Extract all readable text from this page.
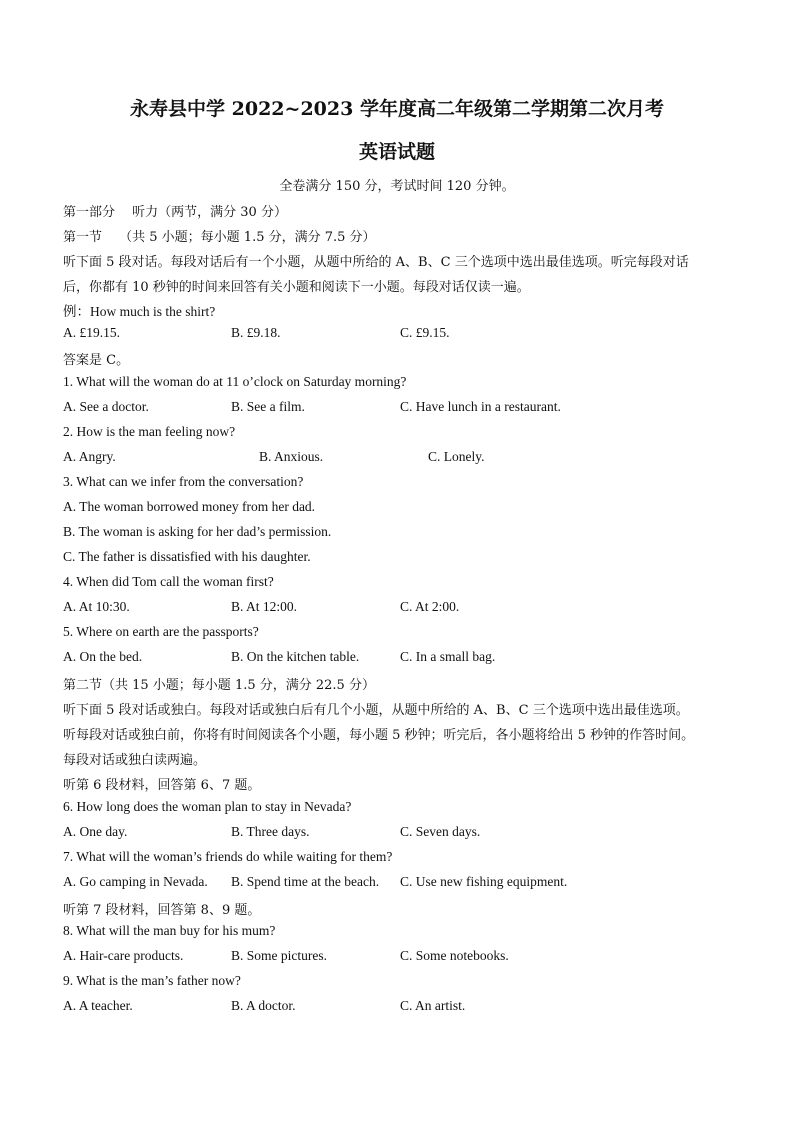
永寿县中学 2022~2023 学年度高二年级第二学期第二次月考
英语试题
全卷满分 150 分，考试时间 120 分钟。
第一部分　 听力（两节，满分 30 分）
第一节　 （共 5 小题；每小题 1.5 分，满分 7.5 分）
听下面 5 段对话。每段对话后有一个小题，从题中所给的 A、B、C 三个选项中选出最佳选项。听完每段对话
后，你都有 10 秒钟的时间来回答有关小题和阅读下一小题。每段对话仅读一遍。
例：How much is the shirt?
A. £19.15.	B. £9.18.	C. £9.15.
答案是 C。
1. What will the woman do at 11 o’clock on Saturday morning?
A. See a doctor.	B. See a film.	C. Have lunch in a restaurant.
2. How is the man feeling now?
A. Angry.	B. Anxious.	C. Lonely.
3. What can we infer from the conversation?
A. The woman borrowed money from her dad.
B. The woman is asking for her dad’s permission.
C. The father is dissatisfied with his daughter.
4. When did Tom call the woman first?
A. At 10:30.	B. At 12:00.	C. At 2:00.
5. Where on earth are the passports?
A. On the bed.	B. On the kitchen table.	C. In a small bag.
第二节（共 15 小题；每小题 1.5 分，满分 22.5 分）
听下面 5 段对话或独白。每段对话或独白后有几个小题，从题中所给的 A、B、C 三个选项中选出最佳选项。
听每段对话或独白前，你将有时间阅读各个小题，每小题 5 秒钟；听完后，各小题将给出 5 秒钟的作答时间。
每段对话或独白读两遍。
听第 6 段材料，回答第 6、7 题。
6. How long does the woman plan to stay in Nevada?
A. One day.	B. Three days.	C. Seven days.
7. What will the woman’s friends do while waiting for them?
A. Go camping in Nevada. B. Spend time at the beach. C. Use new fishing equipment.
听第 7 段材料，回答第 8、9 题。
8. What will the man buy for his mum?
A. Hair-care products.	B. Some pictures.	C. Some notebooks.
9. What is the man’s father now?
A. A teacher.	B. A doctor.	C. An artist.
